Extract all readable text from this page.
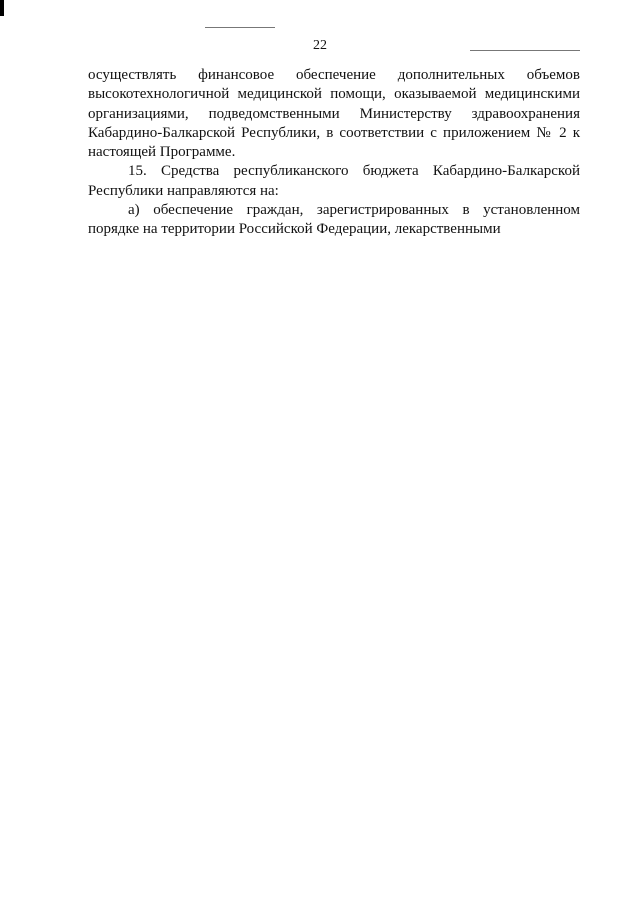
22

осуществлять финансовое обеспечение дополнительных объемов высокотехнологичной медицинской помощи, оказываемой медицинскими организациями, подведомственными Министерству здравоохранения Кабардино-Балкарской Республики, в соответствии с приложением № 2 к настоящей Программе.

15. Средства республиканского бюджета Кабардино-Балкарской Республики направляются на:

а) обеспечение граждан, зарегистрированных в установленном порядке на территории Российской Федерации, лекарственными
